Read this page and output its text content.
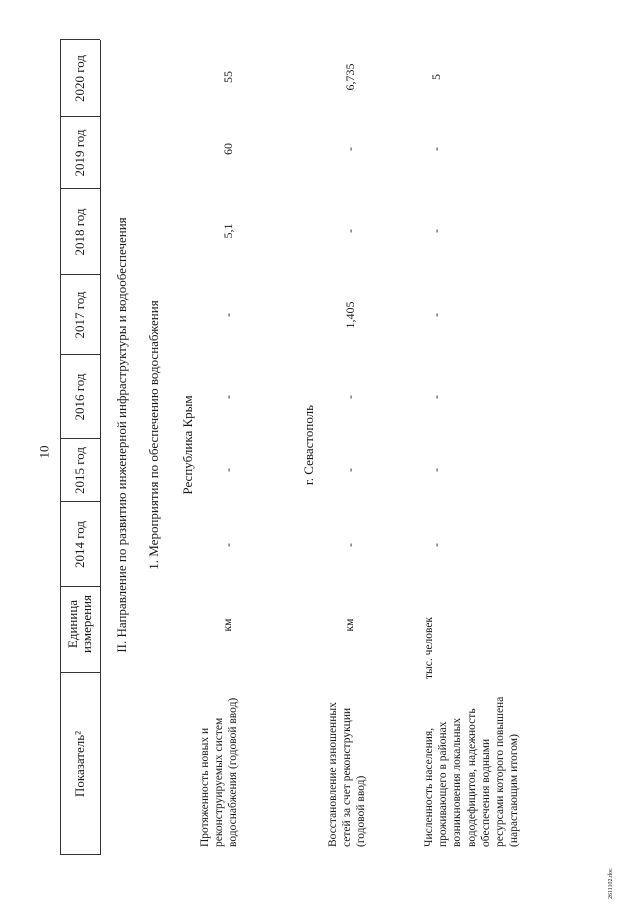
10
Показатель²
Единица измерения
2014 год
2015 год
2016 год
2017 год
2018 год
2019 год
2020 год
II. Направление по развитию инженерной инфраструктуры и водообеспечения 1. Мероприятия по обеспечению водоснабжения Республика Крым	г. Севастополь
Протяженность новых и реконструируемых систем водоснабжения (годовой ввод)
км
-
-
-
-
5,1
60
55
Восстановление изношенных сетей за счет реконструкции (годовой ввод)
км
-
-
-
1,405
-
-
6,735
Численность населения, проживающего в районах возникновения локальных вододефицитов, надежность обеспечения водными ресурсами которого повышена (нарастающим итогом)
тыс. человек
-
-
-
-
-
-
5
2611102.doc
